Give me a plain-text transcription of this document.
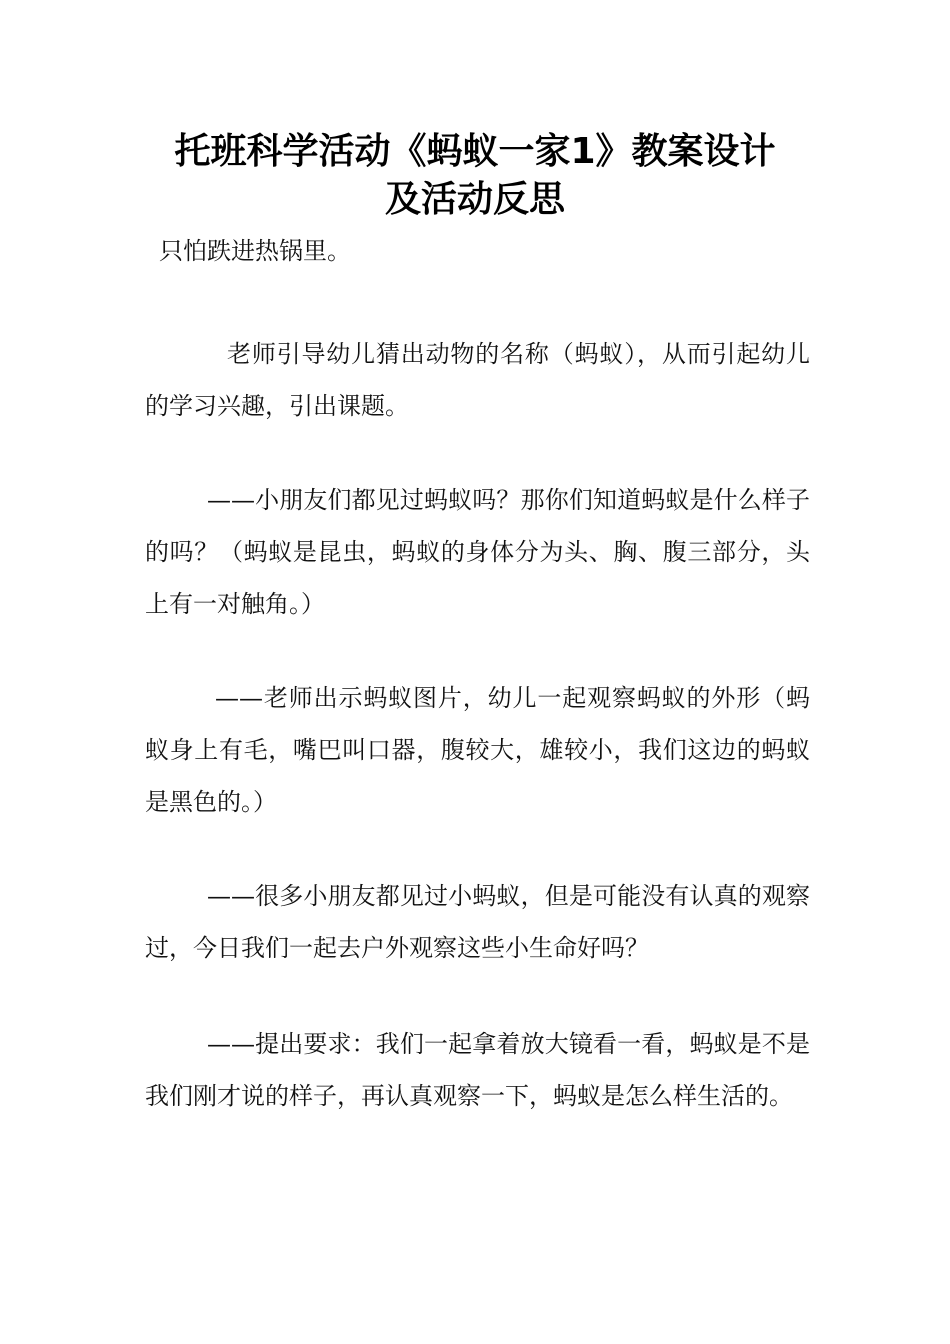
托班科学活动《蚂蚁一家1》教案设计
及活动反思

只怕跌进热锅里。

老师引导幼儿猜出动物的名称（蚂蚁），从而引起幼儿的学习兴趣，引出课题。

——小朋友们都见过蚂蚁吗？那你们知道蚂蚁是什么样子的吗？（蚂蚁是昆虫，蚂蚁的身体分为头、胸、腹三部分，头上有一对触角。）

——老师出示蚂蚁图片，幼儿一起观察蚂蚁的外形（蚂蚁身上有毛，嘴巴叫口器，腹较大，雄较小，我们这边的蚂蚁是黑色的。）

——很多小朋友都见过小蚂蚁，但是可能没有认真的观察过，今日我们一起去户外观察这些小生命好吗？

——提出要求：我们一起拿着放大镜看一看，蚂蚁是不是我们刚才说的样子，再认真观察一下，蚂蚁是怎么样生活的。
